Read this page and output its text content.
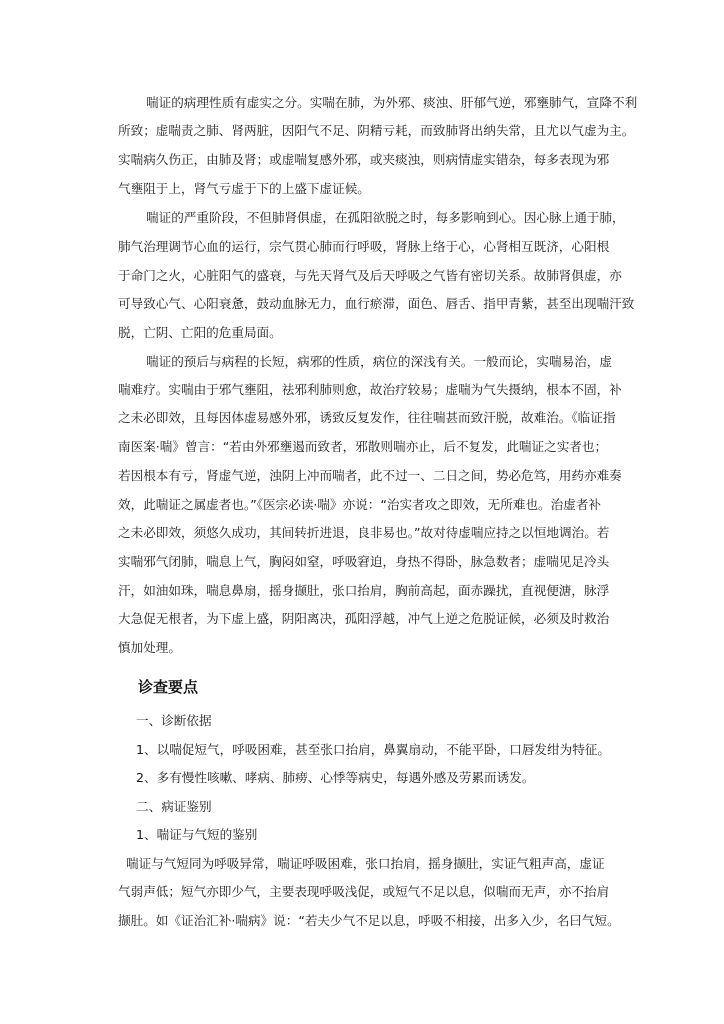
喘证的病理性质有虚实之分。实喘在肺，为外邪、痰浊、肝郁气逆，邪壅肺气，宣降不利
所致；虚喘责之肺、肾两脏，因阳气不足、阴精亏耗，而致肺肾出纳失常，且尤以气虚为主。
实喘病久伤正，由肺及肾；或虚喘复感外邪，或夹痰浊，则病情虚实错杂，每多表现为邪
气壅阻于上，肾气亏虚于下的上盛下虚证候。
喘证的严重阶段，不但肺肾俱虚，在孤阳欲脱之时，每多影响到心。因心脉上通于肺，
肺气治理调节心血的运行，宗气贯心肺而行呼吸，肾脉上络于心，心肾相互既济，心阳根
于命门之火，心脏阳气的盛衰，与先天肾气及后天呼吸之气皆有密切关系。故肺肾俱虚，亦
可导致心气、心阳衰惫，鼓动血脉无力，血行瘀滞，面色、唇舌、指甲青紫，甚至出现喘汗致
脱，亡阴、亡阳的危重局面。
喘证的预后与病程的长短，病邪的性质，病位的深浅有关。一般而论，实喘易治，虚
喘难疗。实喘由于邪气壅阻，祛邪利肺则愈，故治疗较易；虚喘为气失摄纳，根本不固，补
之未必即效，且每因体虚易感外邪，诱致反复发作，往往喘甚而致汗脱，故难治。《临证指
南医案·喘》曾言：“若由外邪壅遏而致者，邪散则喘亦止，后不复发，此喘证之实者也；
若因根本有亏，肾虚气逆，浊阴上冲而喘者，此不过一、二日之间，势必危笃，用药亦难奏
效，此喘证之属虚者也。”《医宗必读·喘》亦说：“治实者攻之即效，无所难也。治虚者补
之未必即效，须悠久成功，其间转折进退，良非易也。”故对待虚喘应持之以恒地调治。若
实喘邪气闭肺，喘息上气，胸闷如窒，呼吸窘迫，身热不得卧，脉急数者；虚喘见足冷头
汗，如油如珠，喘息鼻扇，摇身撷肚，张口抬肩，胸前高起，面赤躁扰，直视便溏，脉浮
大急促无根者，为下虚上盛，阴阳离决，孤阳浮越，冲气上逆之危脱证候，必须及时救治
慎加处理。
诊查要点
一、诊断依据
1、以喘促短气，呼吸困难，甚至张口抬肩，鼻翼扇动，不能平卧，口唇发绀为特征。
2、多有慢性咳嗽、哮病、肺痨、心悸等病史，每遇外感及劳累而诱发。
二、病证鉴别
1、喘证与气短的鉴别
喘证与气短同为呼吸异常，喘证呼吸困难，张口抬肩，摇身撷肚，实证气粗声高，虚证
气弱声低；短气亦即少气，主要表现呼吸浅促，或短气不足以息，似喘而无声，亦不抬肩
撷肚。如《证治汇补·喘病》说：“若夫少气不足以息，呼吸不相接，出多入少，名曰气短。
